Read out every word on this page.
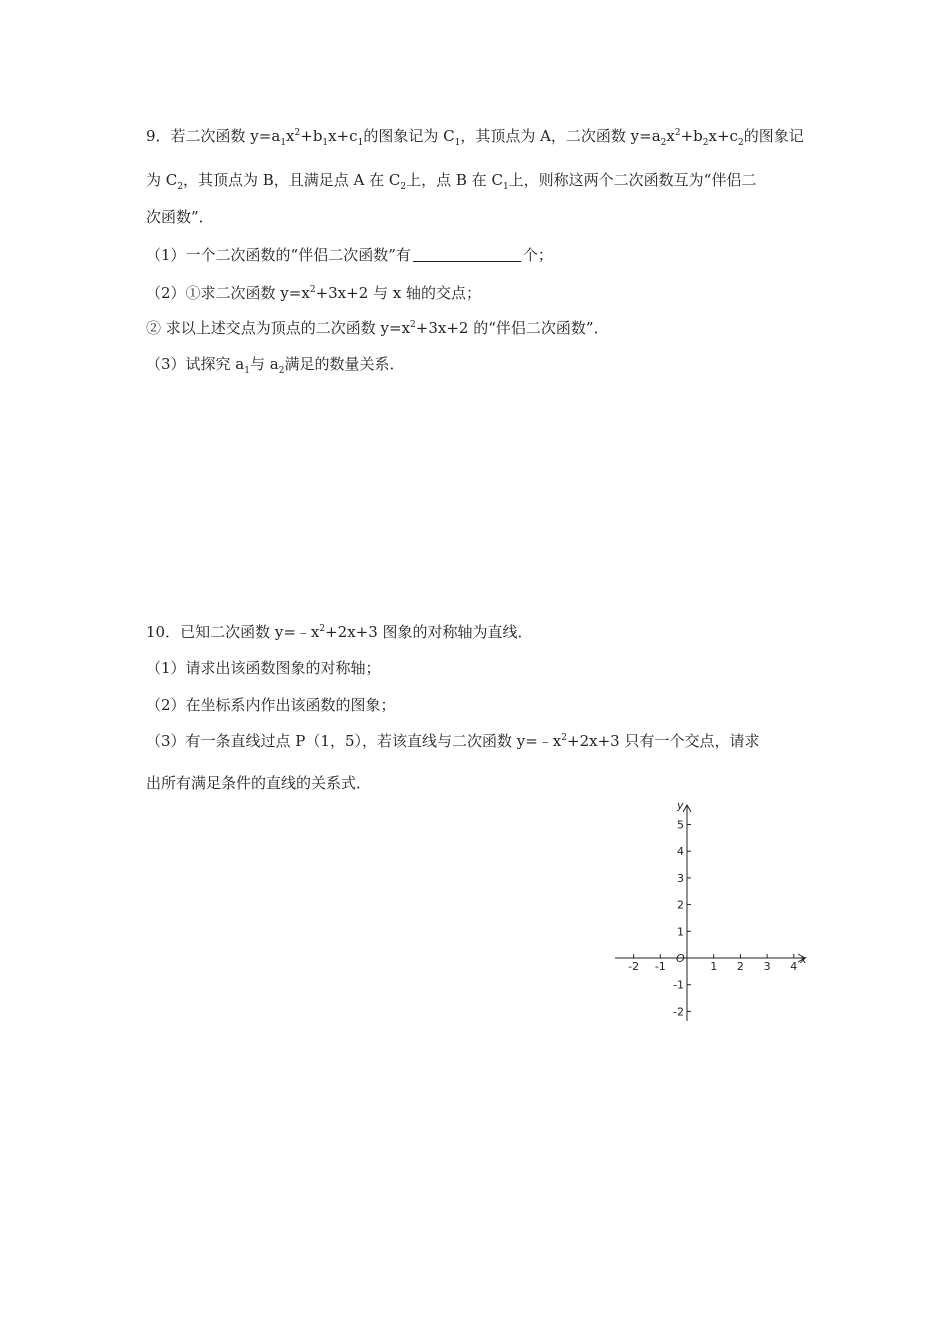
9．若二次函数 $y=a_1x^2+b_1x+c_1$的图象记为 $C_1$，其顶点为 A，二次函数 $y=a_2x^2+b_2x+c_2$的图象记
为 $C_2$，其顶点为 B，且满足点 A 在 $C_2$上，点 B 在 $C_1$上，则称这两个二次函数互为“伴侣二
次函数”．
（1）一个二次函数的“伴侣二次函数”有	个；
（2）①求二次函数 $y=x^2+3x+2$ 与 x 轴的交点；
② 求以上述交点为顶点的二次函数 $y=x^2+3x+2$ 的“伴侣二次函数”．
（3）试探究 $a_1$与 $a_2$满足的数量关系．
10．已知二次函数 $y=﹣x^2+2x+3$ 图象的对称轴为直线．
（1）请求出该函数图象的对称轴；
（2）在坐标系内作出该函数的图象；
（3）有一条直线过点 P（1，5），若该直线与二次函数 $y=﹣x^2+2x+3$ 只有一个交点，请求
出所有满足条件的直线的关系式．
-2 -1	1 2 3 4
5
4
3
2
1
-1
-2
x
y
O
